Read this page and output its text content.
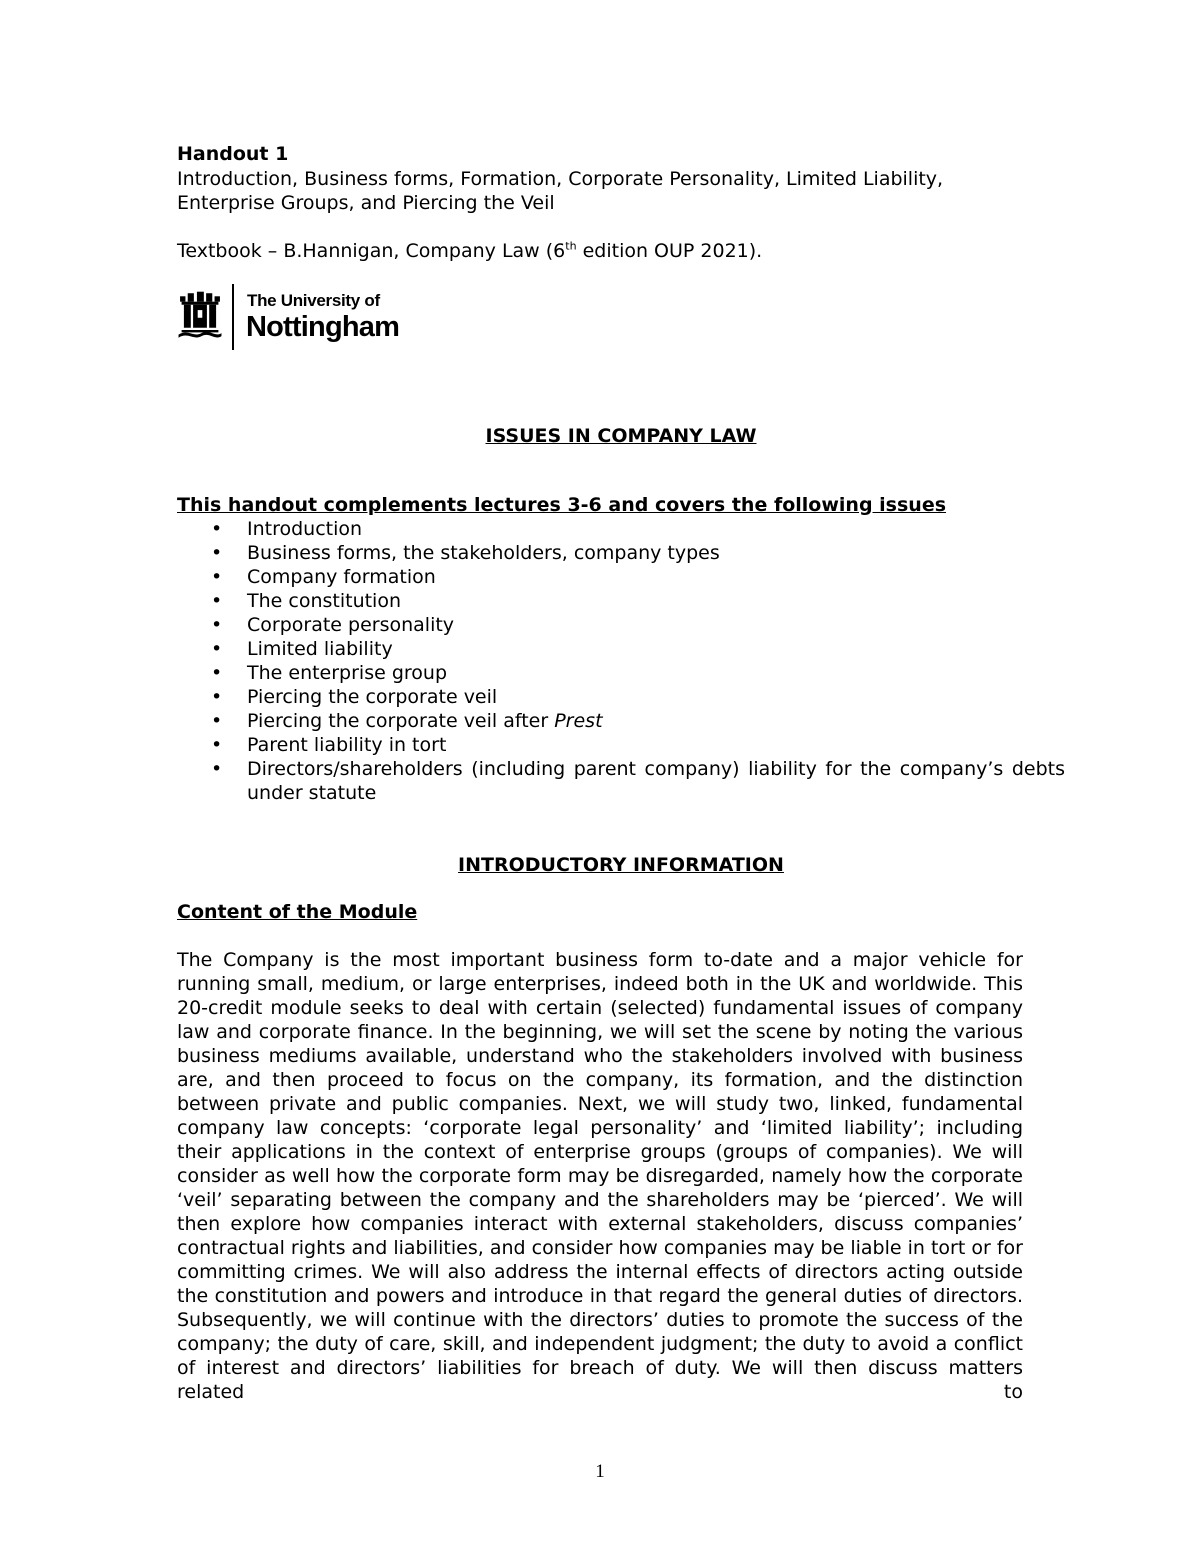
Handout 1
Introduction, Business forms, Formation, Corporate Personality, Limited Liability,
Enterprise Groups, and Piercing the Veil
Textbook – B.Hannigan, Company Law (6th edition OUP 2021).
The University of
Nottingham
ISSUES IN COMPANY LAW
This handout complements lectures 3-6 and covers the following issues
• Introduction
• Business forms, the stakeholders, company types
• Company formation
• The constitution
• Corporate personality
• Limited liability
• The enterprise group
• Piercing the corporate veil
• Piercing the corporate veil after Prest
• Parent liability in tort
• Directors/shareholders (including parent company) liability for the company’s debts under statute
INTRODUCTORY INFORMATION
Content of the Module
The Company is the most important business form to-date and a major vehicle for running small, medium, or large enterprises, indeed both in the UK and worldwide. This 20-credit module seeks to deal with certain (selected) fundamental issues of company law and corporate finance. In the beginning, we will set the scene by noting the various business mediums available, understand who the stakeholders involved with business are, and then proceed to focus on the company, its formation, and the distinction between private and public companies. Next, we will study two, linked, fundamental company law concepts: ‘corporate legal personality’ and ‘limited liability’; including their applications in the context of enterprise groups (groups of companies). We will consider as well how the corporate form may be disregarded, namely how the corporate ‘veil’ separating between the company and the shareholders may be ‘pierced’. We will then explore how companies interact with external stakeholders, discuss companies’ contractual rights and liabilities, and consider how companies may be liable in tort or for committing crimes. We will also address the internal effects of directors acting outside the constitution and powers and introduce in that regard the general duties of directors. Subsequently, we will continue with the directors’ duties to promote the success of the company; the duty of care, skill, and independent judgment; the duty to avoid a conflict of interest and directors’ liabilities for breach of duty. We will then discuss matters related to
1
